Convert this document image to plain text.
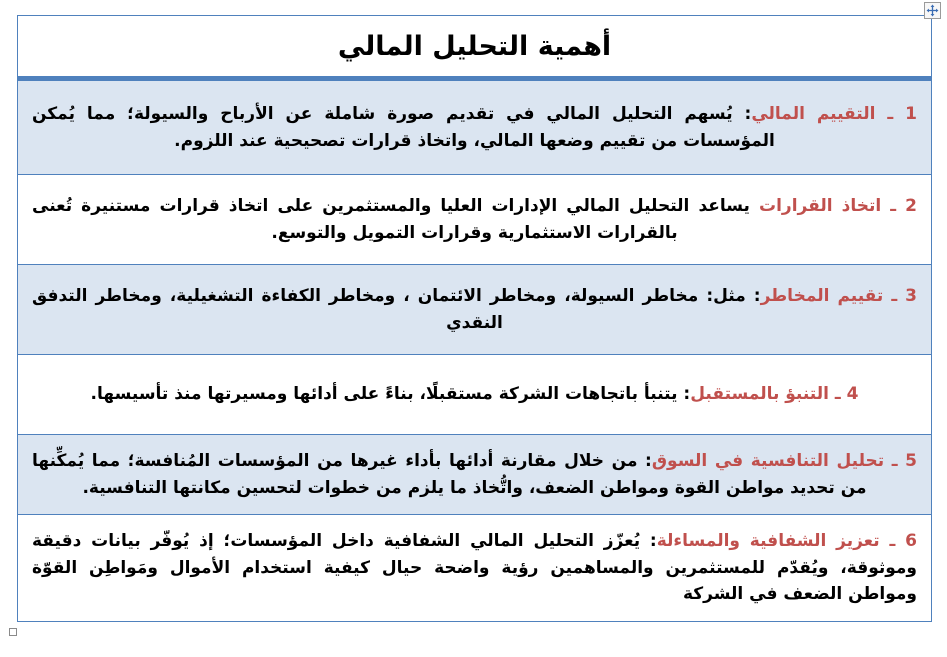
أهمية التحليل المالي

1 ـ التقييم المالي: يُسهم التحليل المالي في تقديم صورة شاملة عن الأرباح والسيولة؛ مما يُمكن المؤسسات من تقييم وضعها المالي، واتخاذ قرارات تصحيحية عند اللزوم.

2 ـ اتخاذ القرارات يساعد التحليل المالي الإدارات العليا والمستثمرين على اتخاذ قرارات مستنيرة تُعنى بالقرارات الاستثمارية وقرارات التمويل والتوسع.

3 ـ تقييم المخاطر: مثل: مخاطر السيولة، ومخاطر الائتمان ، ومخاطر الكفاءة التشغيلية، ومخاطر التدفق النقدي

4 ـ التنبؤ بالمستقبل: يتنبأ باتجاهات الشركة مستقبلًا، بناءً على أدائها ومسيرتها منذ تأسيسها.

5 ـ تحليل التنافسية في السوق: من خلال مقارنة أدائها بأداء غيرها من المؤسسات المُنافسة؛ مما يُمكِّنها من تحديد مواطن القوة ومواطن الضعف، واتُّخاذ ما يلزم من خطوات لتحسين مكانتها التنافسية.

6 ـ تعزيز الشفافية والمساءلة: يُعزّز التحليل المالي الشفافية داخل المؤسسات؛ إذ يُوفّر بيانات دقيقة وموثوقة، ويُقدّم للمستثمرين والمساهمين رؤية واضحة حيال كيفية استخدام الأموال ومَواطِن القوّة ومواطن الضعف في الشركة
